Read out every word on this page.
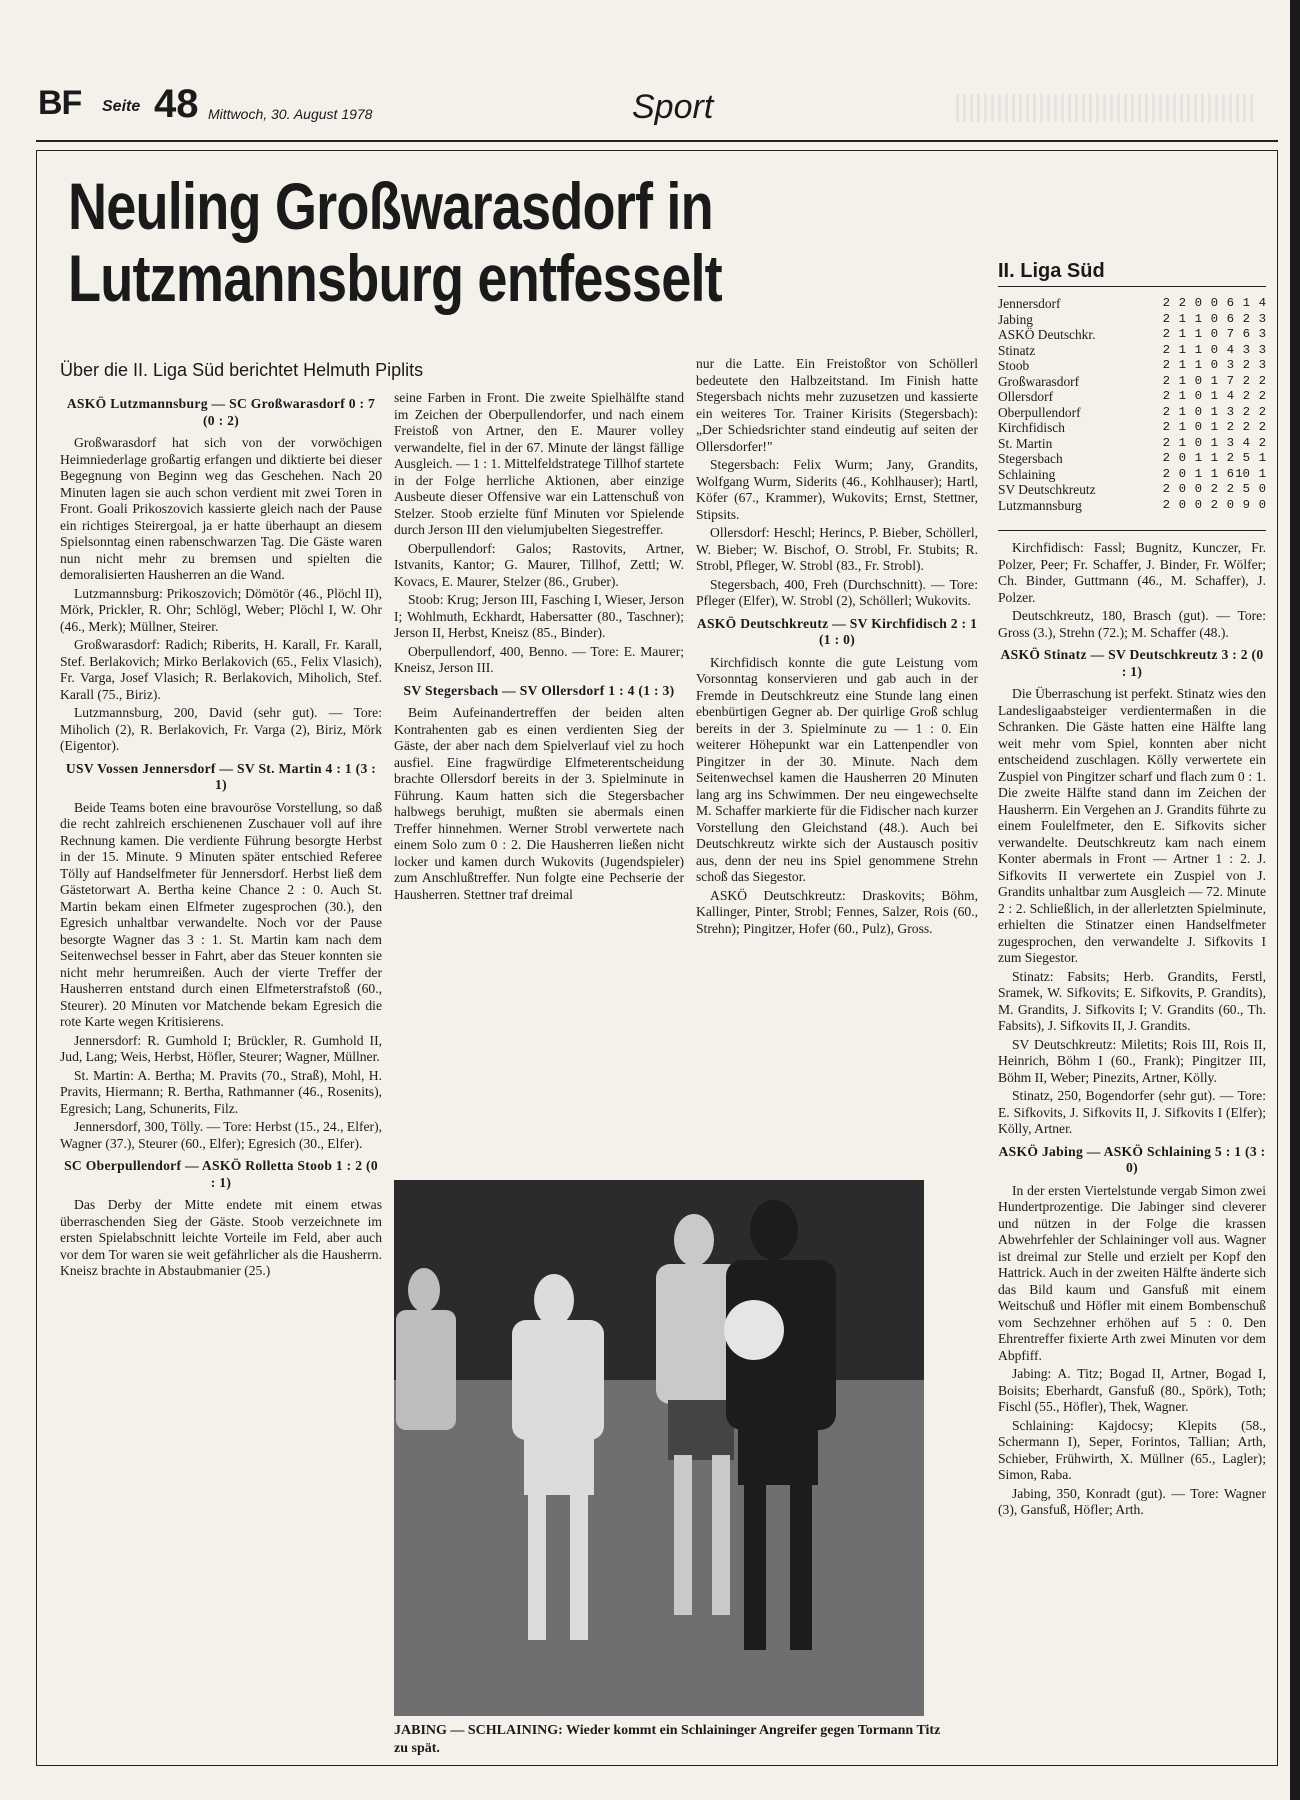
BF Seite 48 Mittwoch, 30. August 1978	Sport
Neuling Großwarasdorf in
Lutzmannsburg entfesselt
Über die II. Liga Süd berichtet Helmuth Piplits
ASKÖ Lutzmannsburg — SC Großwarasdorf 0 : 7 (0 : 2)

Großwarasdorf hat sich von der vorwöchigen Heimniederlage großartig erfangen und diktierte bei dieser Begegnung von Beginn weg das Geschehen. Nach 20 Minuten lagen sie auch schon verdient mit zwei Toren in Front. Goali Prikoszovich kassierte gleich nach der Pause ein richtiges Steirergoal, ja er hatte überhaupt an diesem Spielsonntag einen rabenschwarzen Tag. Die Gäste waren nun nicht mehr zu bremsen und spielten die demoralisierten Hausherren an die Wand.

Lutzmannsburg: Prikoszovich; Dömötör (46., Plöchl II), Mörk, Prickler, R. Ohr; Schlögl, Weber; Plöchl I, W. Ohr (46., Merk); Müllner, Steirer.

Großwarasdorf: Radich; Riberits, H. Karall, Fr. Karall, Stef. Berlakovich; Mirko Berlakovich (65., Felix Vlasich), Fr. Varga, Josef Vlasich; R. Berlakovich, Miholich, Stef. Karall (75., Biriz).

Lutzmannsburg, 200, David (sehr gut). — Tore: Miholich (2), R. Berlakovich, Fr. Varga (2), Biriz, Mörk (Eigentor).

USV Vossen Jennersdorf — SV St. Martin 4 : 1 (3 : 1)

Beide Teams boten eine bravouröse Vorstellung, so daß die recht zahlreich erschienenen Zuschauer voll auf ihre Rechnung kamen. Die verdiente Führung besorgte Herbst in der 15. Minute. 9 Minuten später entschied Referee Tölly auf Handselfmeter für Jennersdorf. Herbst ließ dem Gästetorwart A. Bertha keine Chance 2 : 0. Auch St. Martin bekam einen Elfmeter zugesprochen (30.), den Egresich unhaltbar verwandelte. Noch vor der Pause besorgte Wagner das 3 : 1. St. Martin kam nach dem Seitenwechsel besser in Fahrt, aber das Steuer konnten sie nicht mehr herumreißen. Auch der vierte Treffer der Hausherren entstand durch einen Elfmeterstrafstoß (60., Steurer). 20 Minuten vor Matchende bekam Egresich die rote Karte wegen Kritisierens.

Jennersdorf: R. Gumhold I; Brückler, R. Gumhold II, Jud, Lang; Weis, Herbst, Höfler, Steurer; Wagner, Müllner.

St. Martin: A. Bertha; M. Pravits (70., Straß), Mohl, H. Pravits, Hiermann; R. Bertha, Rathmanner (46., Rosenits), Egresich; Lang, Schunerits, Filz.

Jennersdorf, 300, Tölly. — Tore: Herbst (15., 24., Elfer), Wagner (37.), Steurer (60., Elfer); Egresich (30., Elfer).

SC Oberpullendorf — ASKÖ Rolletta Stoob 1 : 2 (0 : 1)

Das Derby der Mitte endete mit einem etwas überraschenden Sieg der Gäste. Stoob verzeichnete im ersten Spielabschnitt leichte Vorteile im Feld, aber auch vor dem Tor waren sie weit gefährlicher als die Hausherrn. Kneisz brachte in Abstaubmanier (25.)

seine Farben in Front. Die zweite Spielhälfte stand im Zeichen der Oberpullendorfer, und nach einem Freistoß von Artner, den E. Maurer volley verwandelte, fiel in der 67. Minute der längst fällige Ausgleich. — 1 : 1. Mittelfeldstratege Tillhof startete in der Folge herrliche Aktionen, aber einzige Ausbeute dieser Offensive war ein Lattenschuß von Stelzer. Stoob erzielte fünf Minuten vor Spielende durch Jerson III den vielumjubelten Siegestreffer.

Oberpullendorf: Galos; Rastovits, Artner, Istvanits, Kantor; G. Maurer, Tillhof, Zettl; W. Kovacs, E. Maurer, Stelzer (86., Gruber).

Stoob: Krug; Jerson III, Fasching I, Wieser, Jerson I; Wohlmuth, Eckhardt, Habersatter (80., Taschner); Jerson II, Herbst, Kneisz (85., Binder).

Oberpullendorf, 400, Benno. — Tore: E. Maurer; Kneisz, Jerson III.

SV Stegersbach — SV Ollersdorf 1 : 4 (1 : 3)

Beim Aufeinandertreffen der beiden alten Kontrahenten gab es einen verdienten Sieg der Gäste, der aber nach dem Spielverlauf viel zu hoch ausfiel. Eine fragwürdige Elfmeterentscheidung brachte Ollersdorf bereits in der 3. Spielminute in Führung. Kaum hatten sich die Stegersbacher halbwegs beruhigt, mußten sie abermals einen Treffer hinnehmen. Werner Strobl verwertete nach einem Solo zum 0 : 2. Die Hausherren ließen nicht locker und kamen durch Wukovits (Jugendspieler) zum Anschlußtreffer. Nun folgte eine Pechserie der Hausherren. Stettner traf dreimal

nur die Latte. Ein Freistoßtor von Schöllerl bedeutete den Halbzeitstand. Im Finish hatte Stegersbach nichts mehr zuzusetzen und kassierte ein weiteres Tor. Trainer Kirisits (Stegersbach): „Der Schiedsrichter stand eindeutig auf seiten der Ollersdorfer!"

Stegersbach: Felix Wurm; Jany, Grandits, Wolfgang Wurm, Siderits (46., Kohlhauser); Hartl, Köfer (67., Krammer), Wukovits; Ernst, Stettner, Stipsits.

Ollersdorf: Heschl; Herincs, P. Bieber, Schöllerl, W. Bieber; W. Bischof, O. Strobl, Fr. Stubits; R. Strobl, Pfleger, W. Strobl (83., Fr. Strobl).

Stegersbach, 400, Freh (Durchschnitt). — Tore: Pfleger (Elfer), W. Strobl (2), Schöllerl; Wukovits.

ASKÖ Deutschkreutz — SV Kirchfidisch 2 : 1 (1 : 0)

Kirchfidisch konnte die gute Leistung vom Vorsonntag konservieren und gab auch in der Fremde in Deutschkreutz eine Stunde lang einen ebenbürtigen Gegner ab. Der quirlige Groß schlug bereits in der 3. Spielminute zu — 1 : 0. Ein weiterer Höhepunkt war ein Lattenpendler von Pingitzer in der 30. Minute. Nach dem Seitenwechsel kamen die Hausherren 20 Minuten lang arg ins Schwimmen. Der neu eingewechselte M. Schaffer markierte für die Fidischer nach kurzer Vorstellung den Gleichstand (48.). Auch bei Deutschkreutz wirkte sich der Austausch positiv aus, denn der neu ins Spiel genommene Strehn schoß das Siegestor.

ASKÖ Deutschkreutz: Draskovits; Böhm, Kallinger, Pinter, Strobl; Fennes, Salzer, Rois (60., Strehn); Pingitzer, Hofer (60., Pulz), Gross.

JABING — SCHLAINING: Wieder kommt ein Schlaininger Angreifer gegen Tormann Titz zu spät.
II. Liga Süd
Jennersdorf	2	2	0	0	6	1	4
Jabing	2	1	1	0	6	2	3
ASKÖ Deutschkr.	2	1	1	0	7	6	3
Stinatz	2	1	1	0	4	3	3
Stoob	2	1	1	0	3	2	3
Großwarasdorf	2	1	0	1	7	2	2
Ollersdorf	2	1	0	1	4	2	2
Oberpullendorf	2	1	0	1	3	2	2
Kirchfidisch	2	1	0	1	2	2	2
St. Martin	2	1	0	1	3	4	2
Stegersbach	2	0	1	1	2	5	1
Schlaining	2	0	1	1	6	10	1
SV Deutschkreutz	2	0	0	2	2	5	0
Lutzmannsburg	2	0	0	2	0	9	0

Kirchfidisch: Fassl; Bugnitz, Kunczer, Fr. Polzer, Peer; Fr. Schaffer, J. Binder, Fr. Wölfer; Ch. Binder, Guttmann (46., M. Schaffer), J. Polzer.

Deutschkreutz, 180, Brasch (gut). — Tore: Gross (3.), Strehn (72.); M. Schaffer (48.).

ASKÖ Stinatz — SV Deutschkreutz 3 : 2 (0 : 1)

Die Überraschung ist perfekt. Stinatz wies den Landesligaabsteiger verdientermaßen in die Schranken. Die Gäste hatten eine Hälfte lang weit mehr vom Spiel, konnten aber nicht entscheidend zuschlagen. Kölly verwertete ein Zuspiel von Pingitzer scharf und flach zum 0 : 1. Die zweite Hälfte stand dann im Zeichen der Hausherrn. Ein Vergehen an J. Grandits führte zu einem Foulelfmeter, den E. Sifkovits sicher verwandelte. Deutschkreutz kam nach einem Konter abermals in Front — Artner 1 : 2. J. Sifkovits II verwertete ein Zuspiel von J. Grandits unhaltbar zum Ausgleich — 72. Minute 2 : 2. Schließlich, in der allerletzten Spielminute, erhielten die Stinatzer einen Handselfmeter zugesprochen, den verwandelte J. Sifkovits I zum Siegestor.

Stinatz: Fabsits; Herb. Grandits, Ferstl, Sramek, W. Sifkovits; E. Sifkovits, P. Grandits), M. Grandits, J. Sifkovits I; V. Grandits (60., Th. Fabsits), J. Sifkovits II, J. Grandits.

SV Deutschkreutz: Miletits; Rois III, Rois II, Heinrich, Böhm I (60., Frank); Pingitzer III, Böhm II, Weber; Pinezits, Artner, Kölly.

Stinatz, 250, Bogendorfer (sehr gut). — Tore: E. Sifkovits, J. Sifkovits II, J. Sifkovits I (Elfer); Kölly, Artner.

ASKÖ Jabing — ASKÖ Schlaining 5 : 1 (3 : 0)

In der ersten Viertelstunde vergab Simon zwei Hundertprozentige. Die Jabinger sind cleverer und nützen in der Folge die krassen Abwehrfehler der Schlaininger voll aus. Wagner ist dreimal zur Stelle und erzielt per Kopf den Hattrick. Auch in der zweiten Hälfte änderte sich das Bild kaum und Gansfuß mit einem Weitschuß und Höfler mit einem Bombenschuß vom Sechzehner erhöhen auf 5 : 0. Den Ehrentreffer fixierte Arth zwei Minuten vor dem Abpfiff.

Jabing: A. Titz; Bogad II, Artner, Bogad I, Boisits; Eberhardt, Gansfuß (80., Spörk), Toth; Fischl (55., Höfler), Thek, Wagner.

Schlaining: Kajdocsy; Klepits (58., Schermann I), Seper, Forintos, Tallian; Arth, Schieber, Frühwirth, X. Müllner (65., Lagler); Simon, Raba.

Jabing, 350, Konradt (gut). — Tore: Wagner (3), Gansfuß, Höfler; Arth.
